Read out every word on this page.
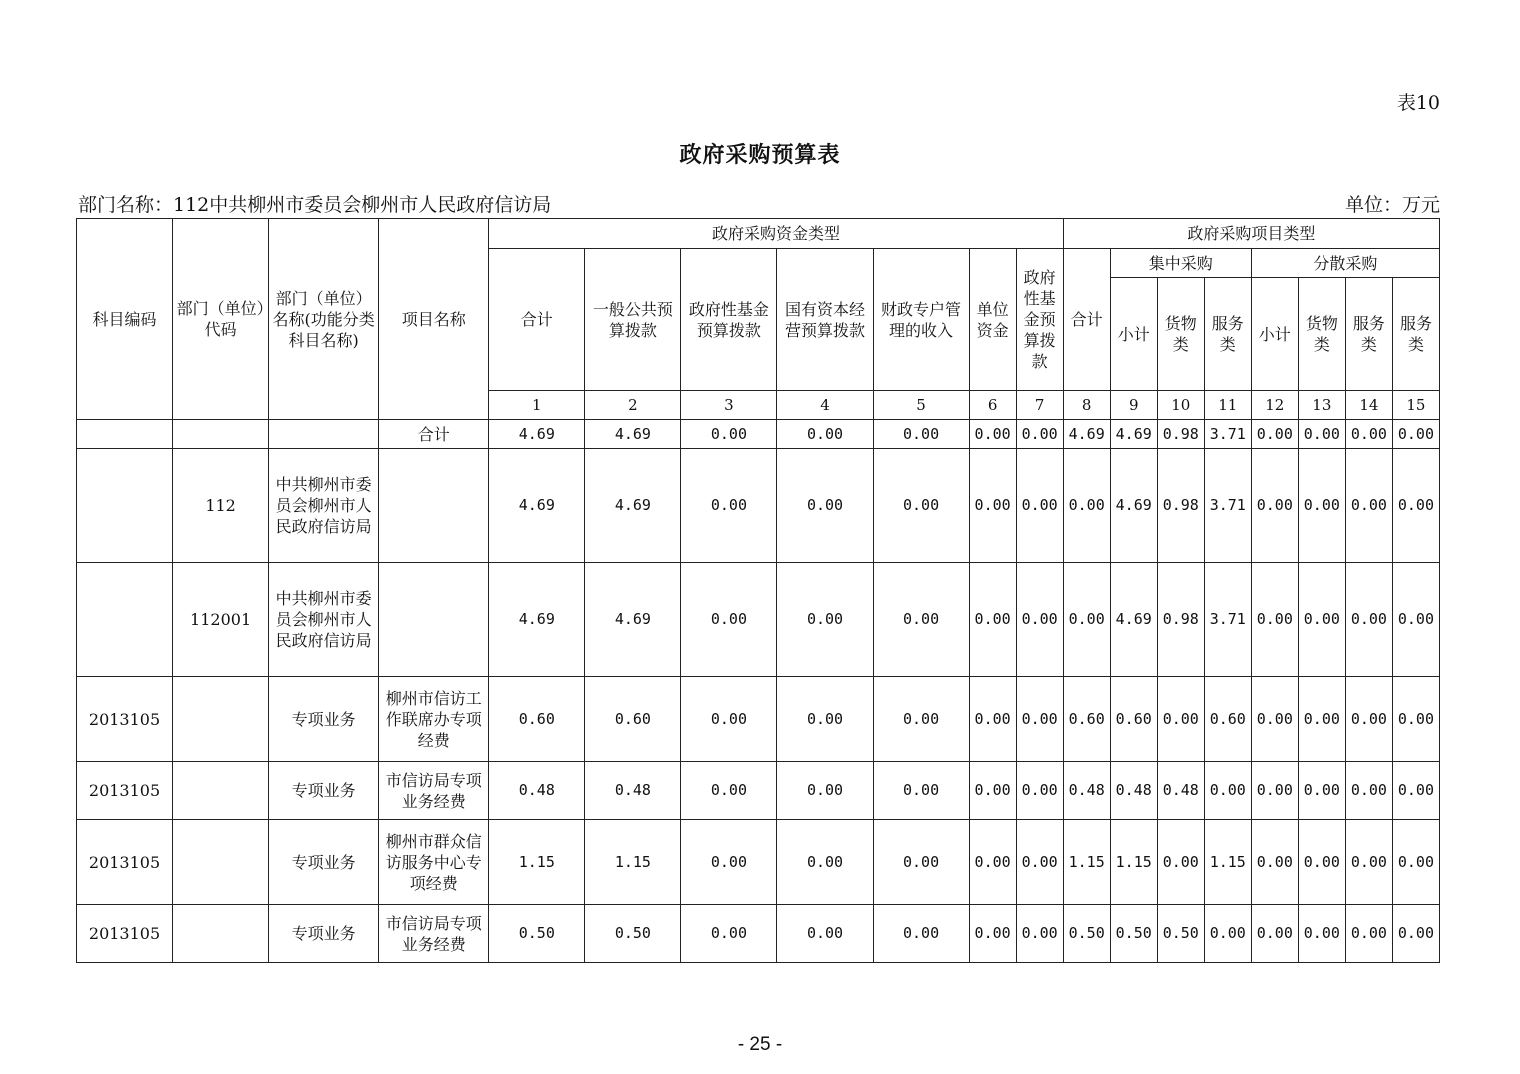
表10
政府采购预算表
部门名称：112中共柳州市委员会柳州市人民政府信访局	单位：万元
科目编码	部门（单位）代码	部门（单位）名称(功能分类科目名称)	项目名称	政府采购资金类型							政府采购项目类型							
				合计	一般公共预算拨款	政府性基金预算拨款	国有资本经营预算拨款	财政专户管理的收入	单位资金	政府性基金预算拨款	合计	集中采购			分散采购			
												小计	货物类	服务类	小计	货物类	服务类	服务类
				1	2	3	4	5	6	7	8	9	10	11	12	13	14	15
			合计	4.69	4.69	0.00	0.00	0.00	0.00	0.00	4.69	4.69	0.98	3.71	0.00	0.00	0.00	0.00
	112	中共柳州市委员会柳州市人民政府信访局		4.69	4.69	0.00	0.00	0.00	0.00	0.00	0.00	4.69	0.98	3.71	0.00	0.00	0.00	0.00
	112001	中共柳州市委员会柳州市人民政府信访局		4.69	4.69	0.00	0.00	0.00	0.00	0.00	0.00	4.69	0.98	3.71	0.00	0.00	0.00	0.00
2013105		专项业务	柳州市信访工作联席办专项经费	0.60	0.60	0.00	0.00	0.00	0.00	0.00	0.60	0.60	0.00	0.60	0.00	0.00	0.00	0.00
2013105		专项业务	市信访局专项业务经费	0.48	0.48	0.00	0.00	0.00	0.00	0.00	0.48	0.48	0.48	0.00	0.00	0.00	0.00	0.00
2013105		专项业务	柳州市群众信访服务中心专项经费	1.15	1.15	0.00	0.00	0.00	0.00	0.00	1.15	1.15	0.00	1.15	0.00	0.00	0.00	0.00
2013105		专项业务	市信访局专项业务经费	0.50	0.50	0.00	0.00	0.00	0.00	0.00	0.50	0.50	0.50	0.00	0.00	0.00	0.00	0.00
- 25 -
